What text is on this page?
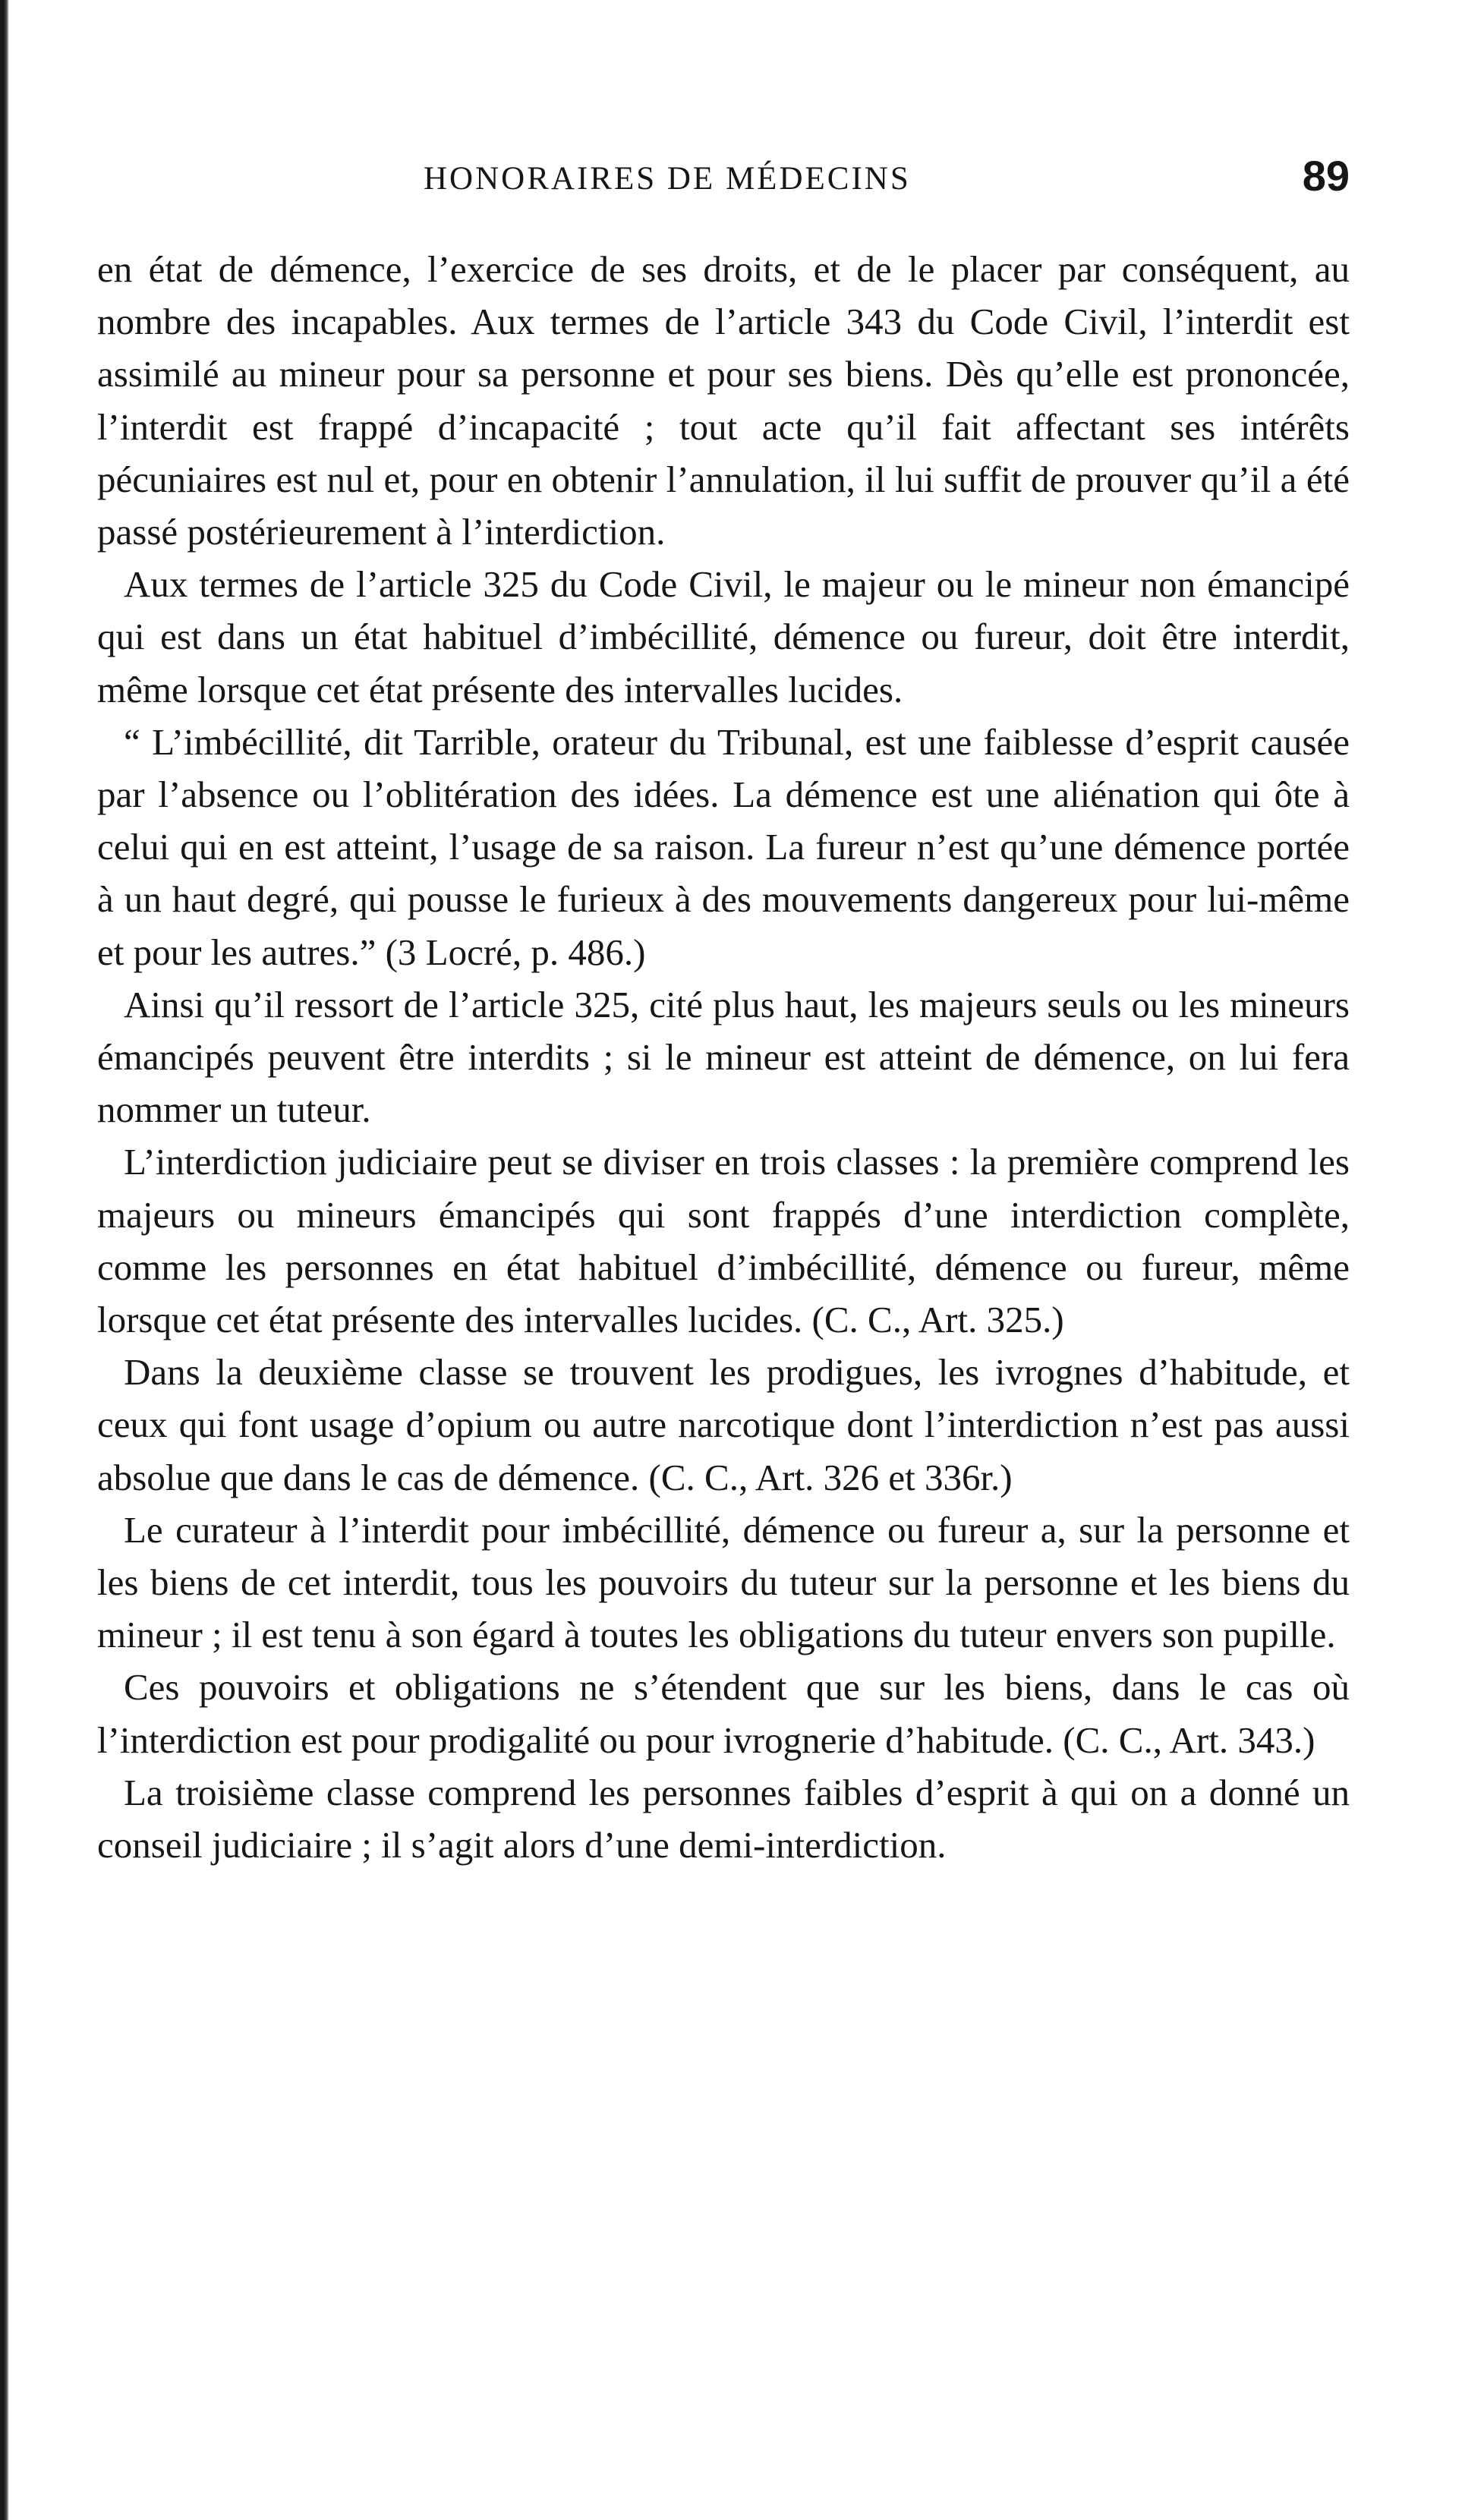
HONORAIRES DE MÉDECINS	89

en état de démence, l’exercice de ses droits, et de le placer par conséquent, au nombre des incapables. Aux termes de l’article 343 du Code Civil, l’interdit est assimilé au mineur pour sa personne et pour ses biens. Dès qu’elle est prononcée, l’interdit est frappé d’incapacité ; tout acte qu’il fait affectant ses intérêts pécuniaires est nul et, pour en obtenir l’annulation, il lui suffit de prouver qu’il a été passé postérieurement à l’interdiction.

Aux termes de l’article 325 du Code Civil, le majeur ou le mineur non émancipé qui est dans un état habituel d’imbécillité, démence ou fureur, doit être interdit, même lorsque cet état présente des intervalles lucides.

“ L’imbécillité, dit Tarrible, orateur du Tribunal, est une faiblesse d’esprit causée par l’absence ou l’oblitération des idées. La démence est une aliénation qui ôte à celui qui en est atteint, l’usage de sa raison. La fureur n’est qu’une démence portée à un haut degré, qui pousse le furieux à des mouvements dangereux pour lui-même et pour les autres.” (3 Locré, p. 486.)

Ainsi qu’il ressort de l’article 325, cité plus haut, les majeurs seuls ou les mineurs émancipés peuvent être interdits ; si le mineur est atteint de démence, on lui fera nommer un tuteur.

L’interdiction judiciaire peut se diviser en trois classes : la première comprend les majeurs ou mineurs émancipés qui sont frappés d’une interdiction complète, comme les personnes en état habituel d’imbécillité, démence ou fureur, même lorsque cet état présente des intervalles lucides. (C. C., Art. 325.)

Dans la deuxième classe se trouvent les prodigues, les ivrognes d’habitude, et ceux qui font usage d’opium ou autre narcotique dont l’interdiction n’est pas aussi absolue que dans le cas de démence. (C. C., Art. 326 et 336r.)

Le curateur à l’interdit pour imbécillité, démence ou fureur a, sur la personne et les biens de cet interdit, tous les pouvoirs du tuteur sur la personne et les biens du mineur ; il est tenu à son égard à toutes les obligations du tuteur envers son pupille.

Ces pouvoirs et obligations ne s’étendent que sur les biens, dans le cas où l’interdiction est pour prodigalité ou pour ivrognerie d’habitude. (C. C., Art. 343.)

La troisième classe comprend les personnes faibles d’esprit à qui on a donné un conseil judiciaire ; il s’agit alors d’une demi-interdiction.
